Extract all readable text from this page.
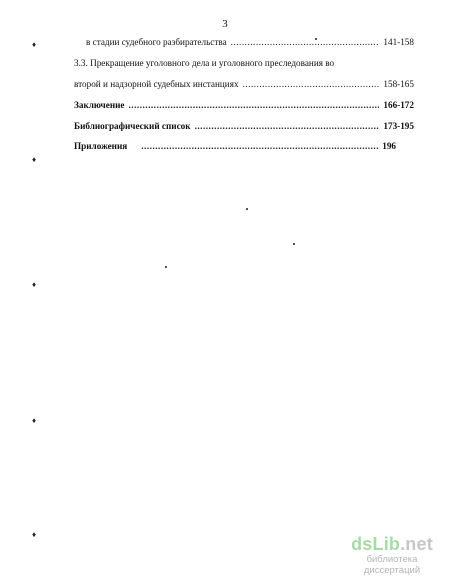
3
в стадии судебного разбирательства .....	141-158
3.3. Прекращение уголовного дела и уголовного преследования во
второй и надзорной судебных инстанциях .....	158-165
Заключение .....	166-172
Библиографический список .....	173-195
Приложения .....	196
♦
♦
♦
♦
♦	dsLib.net
библиотека диссертаций
